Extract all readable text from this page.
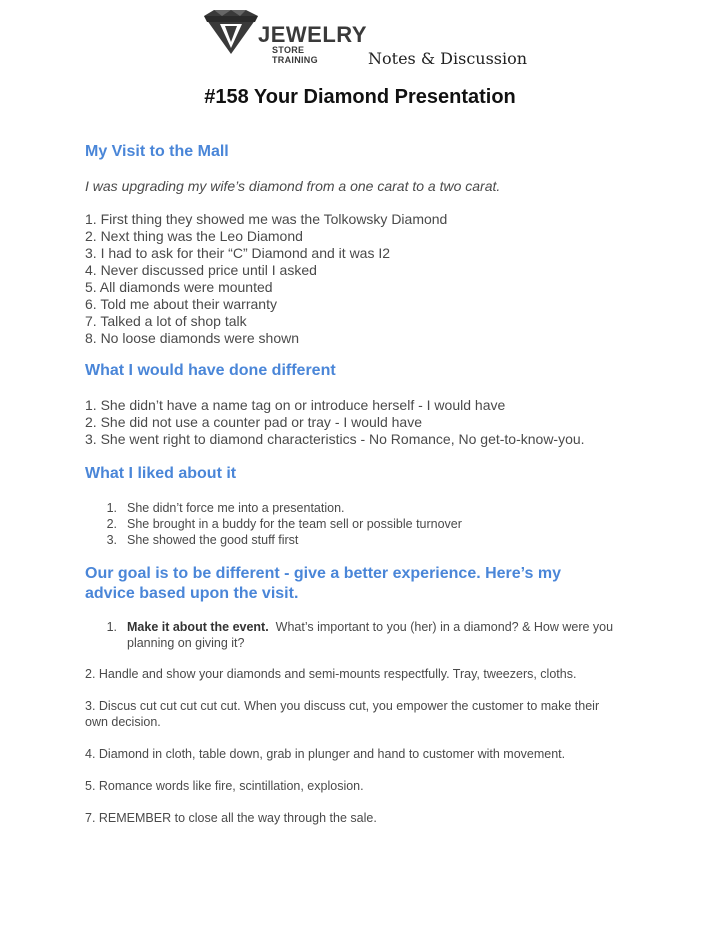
JEWELRY
STORE TRAINING	Notes & Discussion
#158 Your Diamond Presentation
My Visit to the Mall
I was upgrading my wife’s diamond from a one carat to a two carat.
1. First thing they showed me was the Tolkowsky Diamond
2. Next thing was the Leo Diamond
3. I had to ask for their “C” Diamond and it was I2
4. Never discussed price until I asked
5. All diamonds were mounted
6. Told me about their warranty
7. Talked a lot of shop talk
8. No loose diamonds were shown
What I would have done different
1. She didn’t have a name tag on or introduce herself - I would have
2. She did not use a counter pad or tray - I would have
3. She went right to diamond characteristics - No Romance, No get-to-know-you.
What I liked about it
1. She didn’t force me into a presentation.
2. She brought in a buddy for the team sell or possible turnover
3. She showed the good stuff first
Our goal is to be different - give a better experience. Here’s my
advice based upon the visit.
1. Make it about the event. What’s important to you (her) in a diamond? & How were you
planning on giving it?
2. Handle and show your diamonds and semi-mounts respectfully. Tray, tweezers, cloths.
3. Discus cut cut cut cut cut. When you discuss cut, you empower the customer to make their
own decision.
4. Diamond in cloth, table down, grab in plunger and hand to customer with movement.
5. Romance words like fire, scintillation, explosion.
7. REMEMBER to close all the way through the sale.
